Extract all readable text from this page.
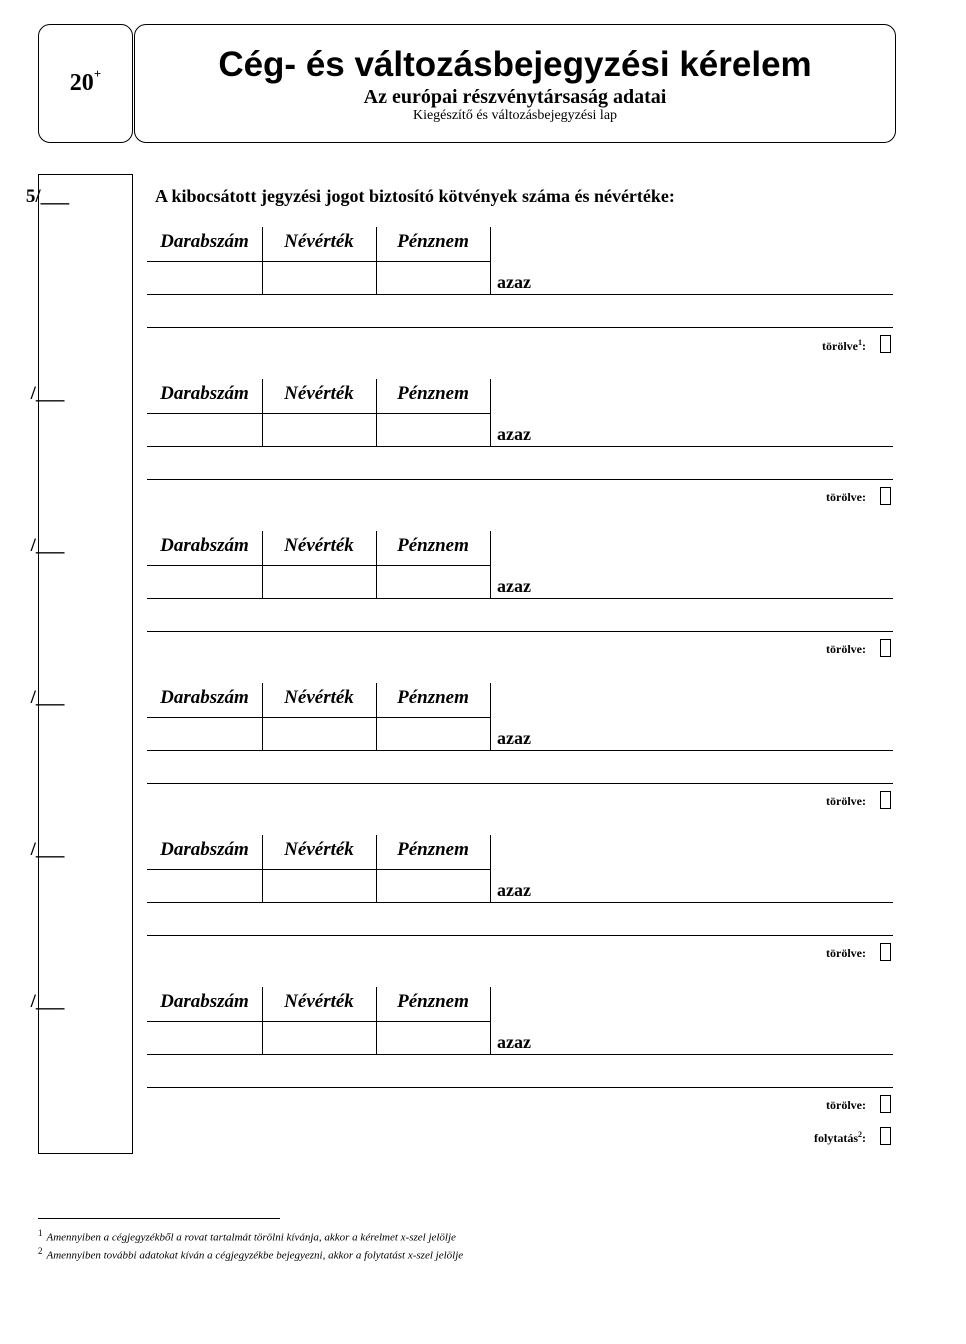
20+	Cég- és változásbejegyzési kérelem
Az európai részvénytársaság adatai
Kiegészítő és változásbejegyzési lap
A kibocsátott jegyzési jogot biztosító kötvények száma és névértéke:
5/___
Darabszám	Névérték	Pénznem
azaz
törölve$^1$:
/___	Darabszám	Névérték	Pénznem
azaz
törölve:
/___	Darabszám	Névérték	Pénznem
azaz
törölve:
/___	Darabszám	Névérték	Pénznem
azaz
törölve:
/___	Darabszám	Névérték	Pénznem
azaz
törölve:
/___	Darabszám	Névérték	Pénznem
azaz
törölve:
folytatás$^2$:
$^1$ Amennyiben a cégjegyzékből a rovat tartalmát törölni kívánja, akkor a kérelmet x-szel jelölje
$^2$ Amennyiben további adatokat kíván a cégjegyzékbe bejegyezni, akkor a folytatást x-szel jelölje
